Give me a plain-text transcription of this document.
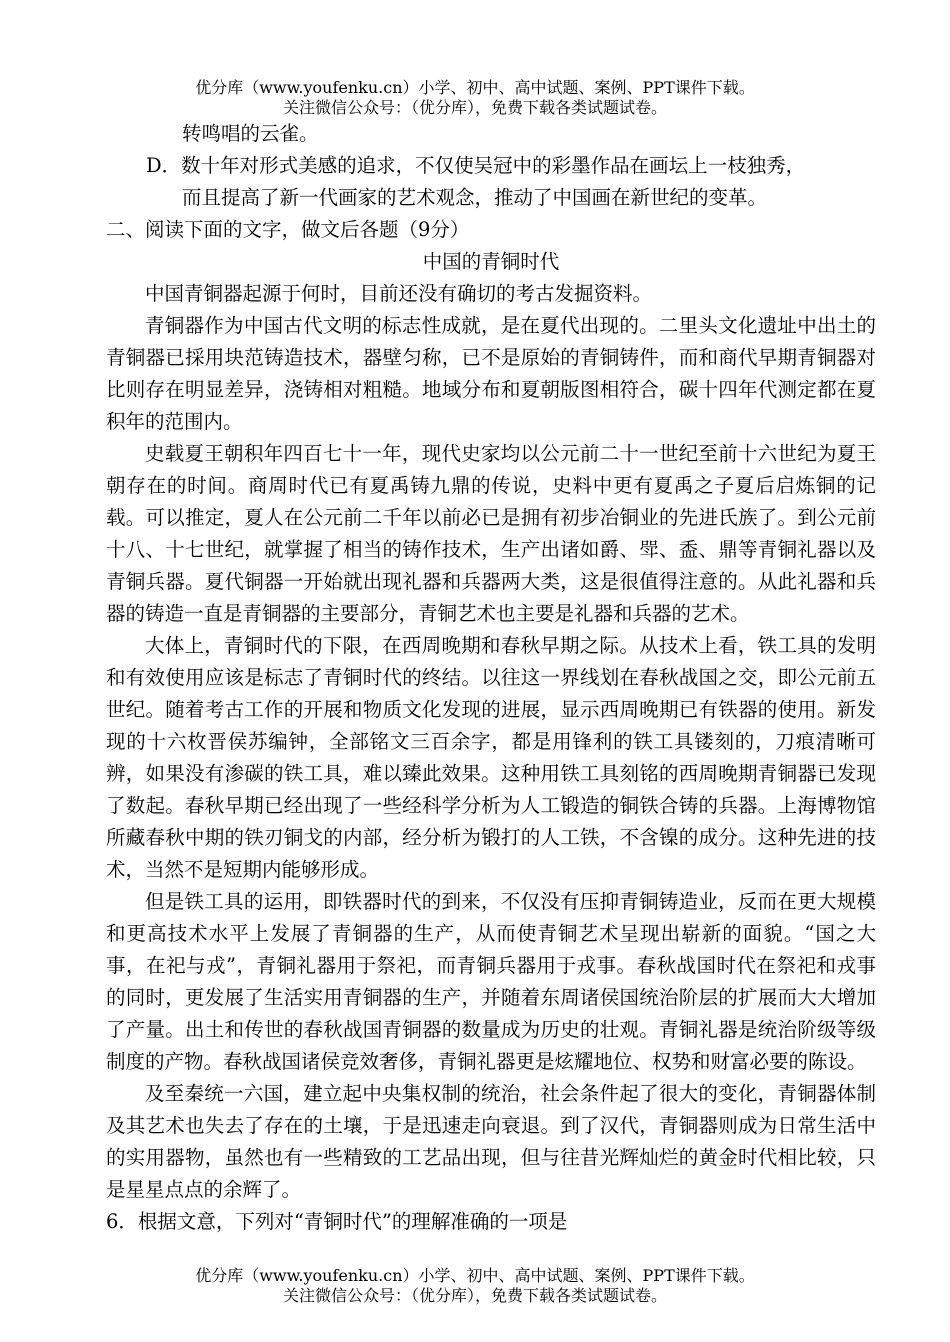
优分库（www.youfenku.cn）小学、初中、高中试题、案例、PPT课件下载。
关注微信公众号：（优分库），免费下载各类试题试卷。

转鸣唱的云雀。

D．数十年对形式美感的追求，不仅使吴冠中的彩墨作品在画坛上一枝独秀，

而且提高了新一代画家的艺术观念，推动了中国画在新世纪的变革。

二、阅读下面的文字，做文后各题（9分）

中国的青铜时代

中国青铜器起源于何时，目前还没有确切的考古发掘资料。

青铜器作为中国古代文明的标志性成就，是在夏代出现的。二里头文化遗址中出土的青铜器已採用块范铸造技术，器壁匀称，已不是原始的青铜铸件，而和商代早期青铜器对比则存在明显差异，浇铸相对粗糙。地域分布和夏朝版图相符合，碳十四年代测定都在夏积年的范围内。

史载夏王朝积年四百七十一年，现代史家均以公元前二十一世纪至前十六世纪为夏王朝存在的时间。商周时代已有夏禹铸九鼎的传说，史料中更有夏禹之子夏后启炼铜的记载。可以推定，夏人在公元前二千年以前必已是拥有初步冶铜业的先进氏族了。到公元前十八、十七世纪，就掌握了相当的铸作技术，生产出诸如爵、斝、盉、鼎等青铜礼器以及青铜兵器。夏代铜器一开始就出现礼器和兵器两大类，这是很值得注意的。从此礼器和兵器的铸造一直是青铜器的主要部分，青铜艺术也主要是礼器和兵器的艺术。

大体上，青铜时代的下限，在西周晚期和春秋早期之际。从技术上看，铁工具的发明和有效使用应该是标志了青铜时代的终结。以往这一界线划在春秋战国之交，即公元前五世纪。随着考古工作的开展和物质文化发现的进展，显示西周晚期已有铁器的使用。新发现的十六枚晋侯苏编钟，全部铭文三百余字，都是用锋利的铁工具镂刻的，刀痕清晰可辨，如果没有渗碳的铁工具，难以臻此效果。这种用铁工具刻铭的西周晚期青铜器已发现了数起。春秋早期已经出现了一些经科学分析为人工锻造的铜铁合铸的兵器。上海博物馆所藏春秋中期的铁刃铜戈的内部，经分析为锻打的人工铁，不含镍的成分。这种先进的技术，当然不是短期内能够形成。

但是铁工具的运用，即铁器时代的到来，不仅没有压抑青铜铸造业，反而在更大规模和更高技术水平上发展了青铜器的生产，从而使青铜艺术呈现出崭新的面貌。“国之大事，在祀与戎”，青铜礼器用于祭祀，而青铜兵器用于戎事。春秋战国时代在祭祀和戎事的同时，更发展了生活实用青铜器的生产，并随着东周诸侯国统治阶层的扩展而大大增加了产量。出土和传世的春秋战国青铜器的数量成为历史的壮观。青铜礼器是统治阶级等级制度的产物。春秋战国诸侯竞效奢侈，青铜礼器更是炫耀地位、权势和财富必要的陈设。

及至秦统一六国，建立起中央集权制的统治，社会条件起了很大的变化，青铜器体制及其艺术也失去了存在的土壤，于是迅速走向衰退。到了汉代，青铜器则成为日常生活中的实用器物，虽然也有一些精致的工艺品出现，但与往昔光辉灿烂的黄金时代相比较，只是星星点点的余辉了。

6．根据文意，下列对“青铜时代”的理解准确的一项是

优分库（www.youfenku.cn）小学、初中、高中试题、案例、PPT课件下载。
关注微信公众号：（优分库），免费下载各类试题试卷。
